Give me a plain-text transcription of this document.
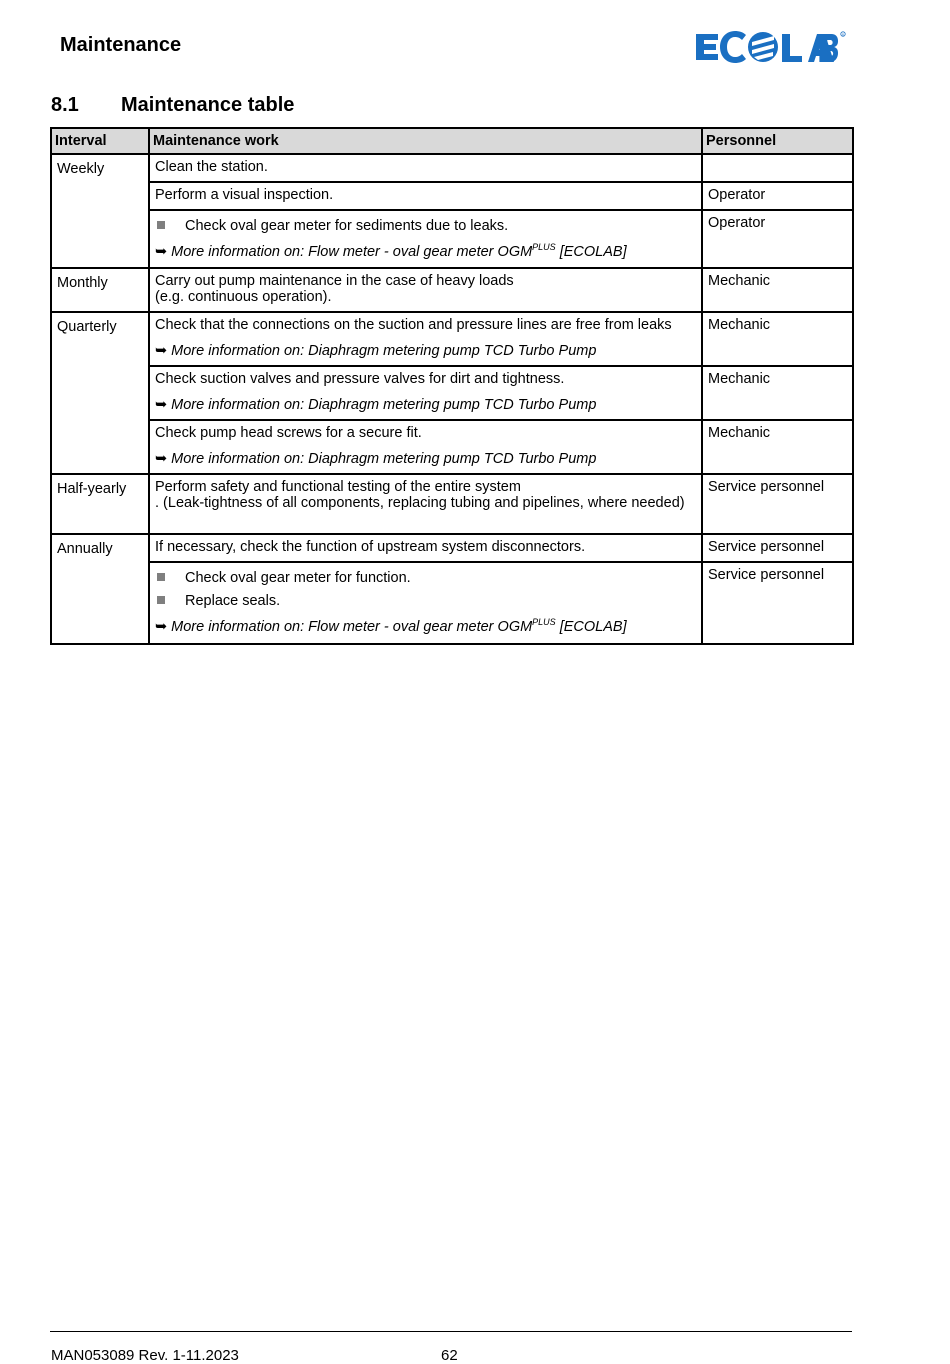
Maintenance	R
8.1 Maintenance table
Interval	Maintenance work	Personnel
Weekly	Clean the station.	
	Perform a visual inspection.	Operator

	Check oval gear meter for sediments due to leaks.
➥ More information on: Flow meter - oval gear meter $OGM^{PLUS}$ [ECOLAB]	Operator
Monthly	Carry out pump maintenance in the case of heavy loads
(e.g. continuous operation).	Mechanic
Quarterly	Check that the connections on the suction and pressure lines are free from leaks
➥ More information on: Diaphragm metering pump TCD Turbo Pump	Mechanic

	Check suction valves and pressure valves for dirt and tightness.
➥ More information on: Diaphragm metering pump TCD Turbo Pump	Mechanic

	Check pump head screws for a secure fit.
➥ More information on: Diaphragm metering pump TCD Turbo Pump	Mechanic
Half-yearly	Perform safety and functional testing of the entire system
. (Leak-tightness of all components, replacing tubing and pipelines, where needed)	Service personnel
Annually	If necessary, check the function of upstream system disconnectors.	Service personnel

	Check oval gear meter for function.
Replace seals.
➥ More information on: Flow meter - oval gear meter $OGM^{PLUS}$ [ECOLAB]	Service personnel
MAN053089 Rev. 1-11.2023	62
